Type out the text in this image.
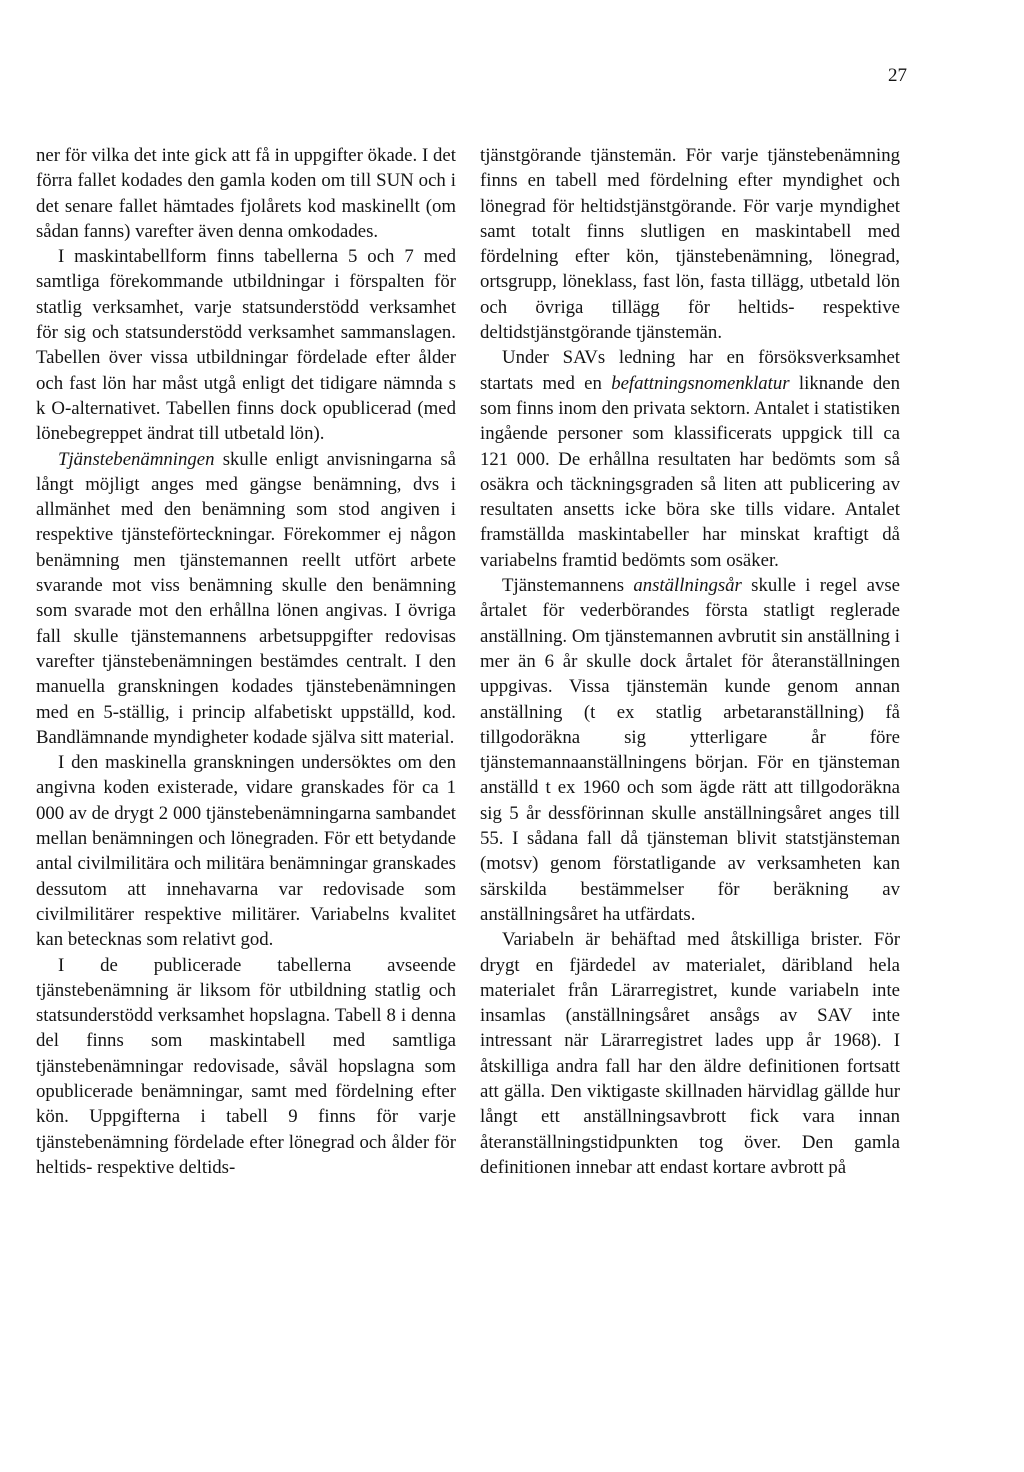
27

ner för vilka det inte gick att få in uppgifter ökade. I det förra fallet kodades den gamla koden om till SUN och i det senare fallet hämtades fjolårets kod maskinellt (om sådan fanns) varefter även denna omkodades.

I maskintabellform finns tabellerna 5 och 7 med samtliga förekommande utbildningar i förspalten för statlig verksamhet, varje statsunderstödd verksamhet för sig och statsunderstödd verksamhet sammanslagen. Tabellen över vissa utbildningar fördelade efter ålder och fast lön har måst utgå enligt det tidigare nämnda s k O-alternativet. Tabellen finns dock opublicerad (med lönebegreppet ändrat till utbetald lön).

Tjänstebenämningen skulle enligt anvisningarna så långt möjligt anges med gängse benämning, dvs i allmänhet med den benämning som stod angiven i respektive tjänsteförteckningar. Förekommer ej någon benämning men tjänstemannen reellt utfört arbete svarande mot viss benämning skulle den benämning som svarade mot den erhållna lönen angivas. I övriga fall skulle tjänstemannens arbetsuppgifter redovisas varefter tjänstebenämningen bestämdes centralt. I den manuella granskningen kodades tjänstebenämningen med en 5-ställig, i princip alfabetiskt uppställd, kod. Bandlämnande myndigheter kodade själva sitt material.

I den maskinella granskningen undersöktes om den angivna koden existerade, vidare granskades för ca 1 000 av de drygt 2 000 tjänstebenämningarna sambandet mellan benämningen och lönegraden. För ett betydande antal civilmilitära och militära benämningar granskades dessutom att innehavarna var redovisade som civilmilitärer respektive militärer. Variabelns kvalitet kan betecknas som relativt god.

I de publicerade tabellerna avseende tjänstebenämning är liksom för utbildning statlig och statsunderstödd verksamhet hopslagna. Tabell 8 i denna del finns som maskintabell med samtliga tjänstebenämningar redovisade, såväl hopslagna som opublicerade benämningar, samt med fördelning efter kön. Uppgifterna i tabell 9 finns för varje tjänstebenämning fördelade efter lönegrad och ålder för heltids- respektive deltids-

tjänstgörande tjänstemän. För varje tjänstebenämning finns en tabell med fördelning efter myndighet och lönegrad för heltidstjänstgörande. För varje myndighet samt totalt finns slutligen en maskintabell med fördelning efter kön, tjänstebenämning, lönegrad, ortsgrupp, löneklass, fast lön, fasta tillägg, utbetald lön och övriga tillägg för heltids- respektive deltidstjänstgörande tjänstemän.

Under SAVs ledning har en försöksverksamhet startats med en befattningsnomenklatur liknande den som finns inom den privata sektorn. Antalet i statistiken ingående personer som klassificerats uppgick till ca 121 000. De erhållna resultaten har bedömts som så osäkra och täckningsgraden så liten att publicering av resultaten ansetts icke böra ske tills vidare. Antalet framställda maskintabeller har minskat kraftigt då variabelns framtid bedömts som osäker.

Tjänstemannens anställningsår skulle i regel avse årtalet för vederbörandes första statligt reglerade anställning. Om tjänstemannen avbrutit sin anställning i mer än 6 år skulle dock årtalet för återanställningen uppgivas. Vissa tjänstemän kunde genom annan anställning (t ex statlig arbetaranställning) få tillgodoräkna sig ytterligare år före tjänstemannaanställningens början. För en tjänsteman anställd t ex 1960 och som ägde rätt att tillgodoräkna sig 5 år dessförinnan skulle anställningsåret anges till 55. I sådana fall då tjänsteman blivit statstjänsteman (motsv) genom förstatligande av verksamheten kan särskilda bestämmelser för beräkning av anställningsåret ha utfärdats.

Variabeln är behäftad med åtskilliga brister. För drygt en fjärdedel av materialet, däribland hela materialet från Lärarregistret, kunde variabeln inte insamlas (anställningsåret ansågs av SAV inte intressant när Lärarregistret lades upp år 1968). I åtskilliga andra fall har den äldre definitionen fortsatt att gälla. Den viktigaste skillnaden härvidlag gällde hur långt ett anställningsavbrott fick vara innan återanställningstidpunkten tog över. Den gamla definitionen innebar att endast kortare avbrott på
